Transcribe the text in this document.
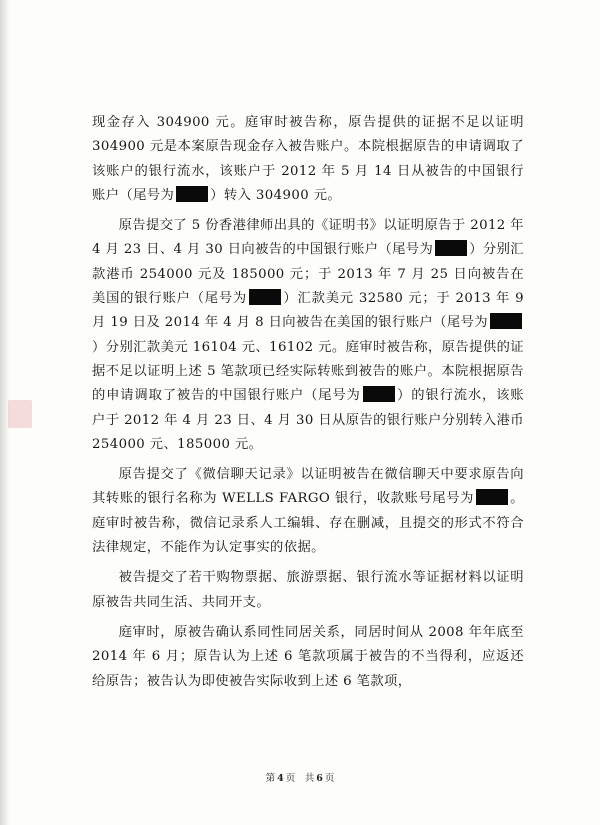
现金存入 304900 元。庭审时被告称，原告提供的证据不足以证明 304900 元是本案原告现金存入被告账户。本院根据原告的申请调取了该账户的银行流水，该账户于 2012 年 5 月 14 日从被告的中国银行账户（尾号为	）转入 304900 元。

原告提交了 5 份香港律师出具的《证明书》以证明原告于 2012 年 4 月 23 日、4 月 30 日向被告的中国银行账户（尾号为	）分别汇款港币 254000 元及 185000 元；于 2013 年 7 月 25 日向被告在美国的银行账户（尾号为	）汇款美元 32580 元；于 2013 年 9 月 19 日及 2014 年 4 月 8 日向被告在美国的银行账户（尾号为）分别汇款美元 16104 元、16102 元。庭审时被告称，原告提供的证据不足以证明上述 5 笔款项已经实际转账到被告的账户。本院根据原告的申请调取了被告的中国银行账户（尾号为	）的银行流水，该账户于 2012 年 4 月 23 日、4 月 30 日从原告的银行账户分别转入港币 254000 元、185000 元。

原告提交了《微信聊天记录》以证明被告在微信聊天中要求原告向其转账的银行名称为 WELLS FARGO 银行，收款账号尾号为	。庭审时被告称，微信记录系人工编辑、存在删减，且提交的形式不符合法律规定，不能作为认定事实的依据。

被告提交了若干购物票据、旅游票据、银行流水等证据材料以证明原被告共同生活、共同开支。

庭审时，原被告确认系同性同居关系，同居时间从 2008 年年底至 2014 年 6 月；原告认为上述 6 笔款项属于被告的不当得利，应返还给原告；被告认为即使被告实际收到上述 6 笔款项，

第 4 页　共 6 页
